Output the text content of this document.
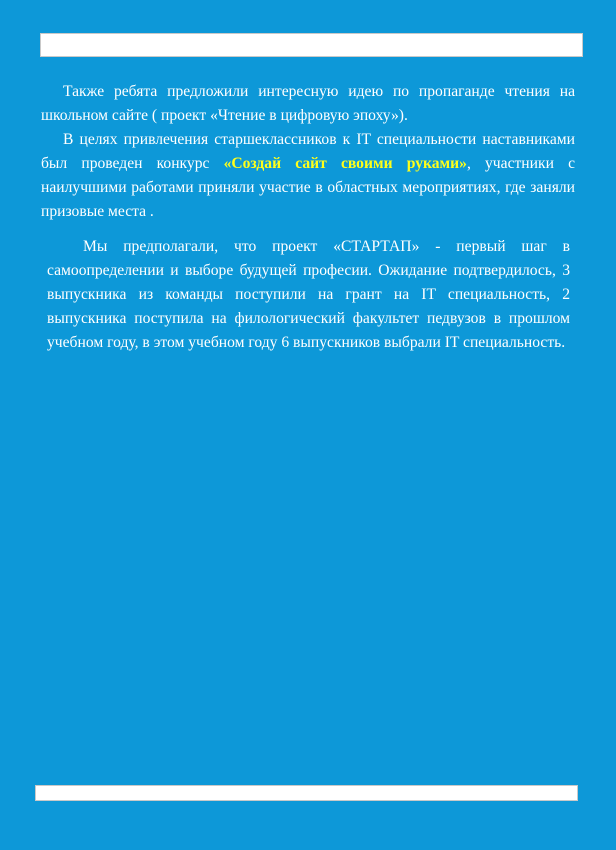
Также ребята предложили интересную идею по пропаганде чтения на школьном сайте ( проект «Чтение в цифровую эпоху»).

В целях привлечения старшеклассников к IT специальности наставниками был проведен конкурс «Создай сайт своими руками», участники с наилучшими работами приняли участие в областных мероприятиях, где заняли призовые места .

Мы предполагали, что проект «СТАРТАП» - первый шаг в самоопределении и выборе будущей професии. Ожидание подтвердилось, 3 выпускника из команды поступили на грант на IT специальность, 2 выпускника поступила на филологический факультет педвузов в прошлом учебном году, в этом учебном году 6 выпускников выбрали IT специальность.
